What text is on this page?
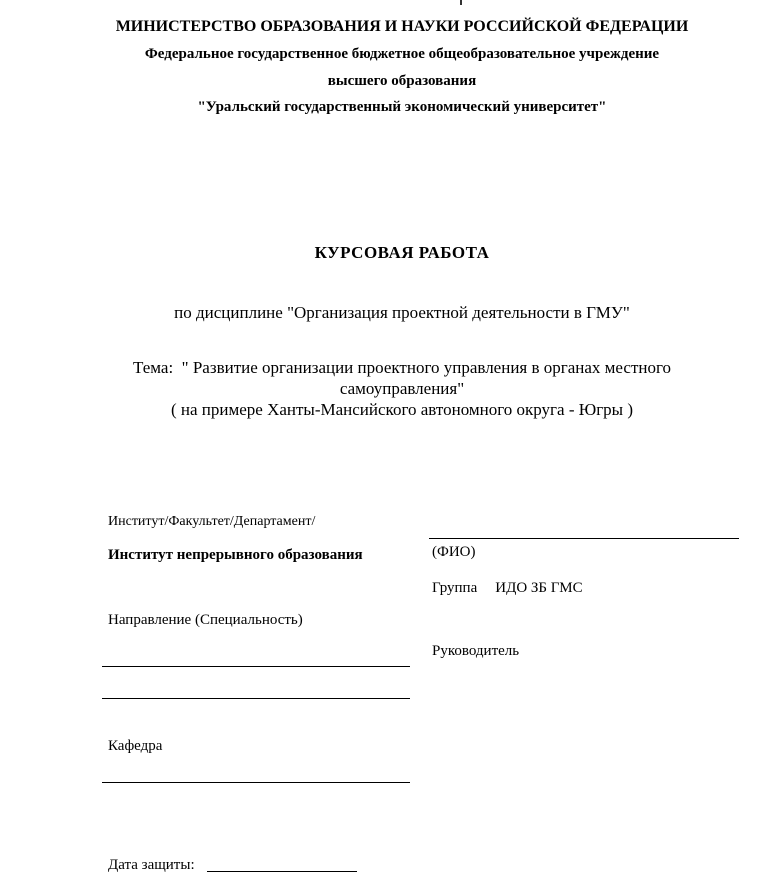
МИНИСТЕРСТВО ОБРАЗОВАНИЯ И НАУКИ РОССИЙСКОЙ ФЕДЕРАЦИИ
Федеральное государственное бюджетное общеобразовательное учреждение
высшего образования
"Уральский государственный экономический университет"
КУРСОВАЯ РАБОТА
по дисциплине "Организация проектной деятельности в ГМУ"
Тема:  " Развитие организации проектного управления в органах местного
самоуправления"
( на примере Ханты-Мансийского автономного округа - Югры )
Институт/Факультет/Департамент/
Институт непрерывного образования
Направление (Специальность)
Кафедра
(ФИО)
Группа ИДО ЗБ ГМС
Руководитель
Дата защиты:
